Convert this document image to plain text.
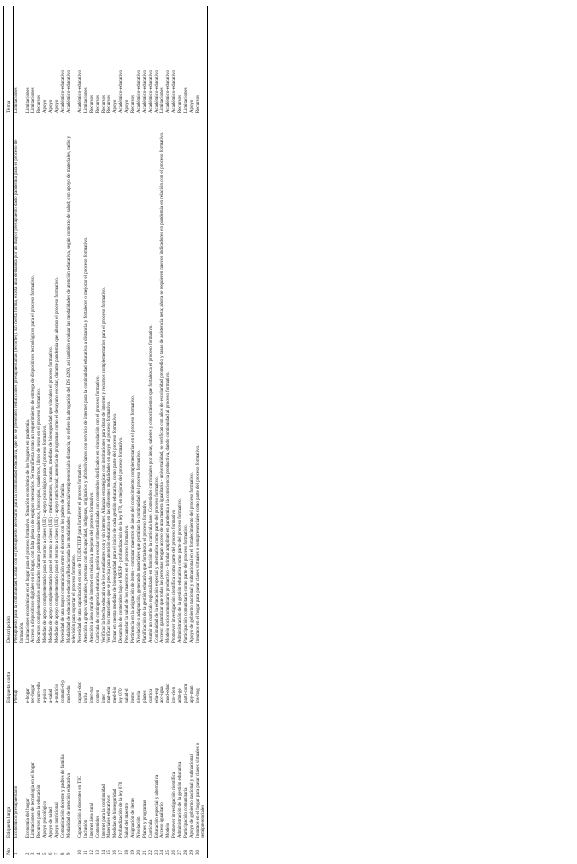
No	Etiqueta larga	Etiqueta corta	Descripción	Tema
1	Económico/presupuestario	Presup	Presupuesto para la continuidad/Contar con el presupuesto necesario para la continuidad educativa, que no se presenten reducciones presupuestarias (recortes). En cierta forma, exista una demanda por un mayor presupuesto dado pandemia para el proceso de formación.	Limitaciones
2	Economía del hogar	e-hogar	Limitaciones económicas en el hogar para el proceso formativo. Situación económica de los hogares en pandemia.	Limitaciones
3	Limitaciones de tecnología en el hogar	tec-hogar	Acceso a dispositivos digitales en el hogar, con falta plena o de equipos necesarios. Se manifiesta como un requerimiento de entrega de dispositivos tecnológicos para el proceso formativo.	Limitaciones
4	Recursos para la educación	recurs-edu	Recursos complementarios utilizados durante pandemia-cuadernos, fotocopias, cuadernos, libros de texto en el proceso formativo.	Recursos
5	Apoyo psicológico	a-psico	Medidas de apoyo complementario para el retorno a clases (UE) - apoyo psicológico para el proceso formativo.	Apoyo
6	Apoyo de salud	a-salud	Medidas de apoyo complementario para el retorno a clases (UE) - medicamentos, vacunas, medidas de bioseguridad que vinculen el proceso formativo.	Apoyo
7	Apoyo nutricional	a-nutricio	Medidas de apoyo complementario para el retorno a clases (UE) - apoyo nutricional; ausencia de programas como el desayuno escolar, durante pandemia que alteran el proceso formativo.	Apoyo
8	Comunicación docente y padres de familia	comuni-d-p	Necesidad de una mayor comunicación entre el docente con los padres de familia.	Académico-educativo
9	Modalidad de atención educativa	mod-edu	Modalidad de educación educativa/Relacionada las modalidades: presencial/semipresencial/a distancia, se refiere la abrogación del DS 4260, así también evaluar las modalidades de atención educativa, según contexto de salud; con apoyo de materiales, radio y televisión para soportar el proceso formativo.	Académico-educativo
10	Capacitación a docentes en TIC	capaci-doc	Necesidad de una capacitación en uso de TIC/DCTIEP para fortalecer el proceso formativo.	Académico-educativo
11	Inclusión	inclu	Atención a grupos vulnerables, personas con discapacidad, indígenas, originarios y afrobolivianos con servicio de internet para la continuidad educativa a distancia y fortalecer o mejorar el proceso formativo.	Limitaciones
12	Internet área rural	inter-rur	Atención a área rural de internet en relación a mejoras del proceso formativo.	Recursos
13	Contenidos	conten	Currícula de contingencia educativa, gestión escolar trimestralizada con contenidos dosificados en vinculación con el proceso formativo.	Recursos
14	Internet para la continuidad	inter	Verificar la brecha educativa de los estudiantes con y sin internet. Alianzas estratégicas con instituciones para dotar de internet y recursos complementarios para el proceso formativo.	Recursos
15	Materiales educativos	mat-edu	Verificar los materiales que se precisa para atención educativa en las diferentes modalidades en apoyo al proceso formativo.	Recursos
16	Medidas de bioseguridad	med-bio	Tomar en cuenta medidas de bioseguridad para el inicio de cada gestión educativa, como parte del proceso formativo.	Apoyo
17	Profundización de la ley 070	ley 070	Desarrollo de contenidos bajo el MESP - profundización de la ley 070, en mejoras del proceso formativo.	Académico-educativo
18	Salud del maestro	salud-d	Precautelar la salud de los maestros en el proceso formativo.	Apoyo
19	Asignación de ítems	ítems	Pertinencia en la asignación de ítems - contratar maestros de áreas del conocimiento complementarias en el proceso formativo.	Recursos
20	Nivelación	nivela	Nivelación o adaptación, generando materiales que permitan la continuidad del proceso formativo.	Académico-educativo
21	Planes y programas	planes	Planificación de la gestión educativa que fortalezca el proceso formativo.	Académico-educativo
22	Currícula	curricu	Asumir un currículo regionalizado en función de la currícula base. Contenidos curriculares por áreas, saberes y conocimientos que fortalezca el proceso formativo.	Académico-educativo
23	Educación especial y alternativa	edu-esp	Continuidad de la educación especial y alternativa como parte del proceso formativo.	Académico-educativo
24	Acceso igualitario	acc-igua	Acceso: garantizar que todas las personas tengan acceso de una manera igualitaria - universalidad, se verifican con años de escolaridad promedio y tasas de asistencia neta; ahora se requieren nuevos indicadores en pandemia en relación con el proceso formativo.	Limitaciones
25	Modelo	mod-educ	Modelo sociocomunitario productivo - brindar amplitud en pandemia a la consciencia productiva, dando continuidad al proceso formativo.	Académico-educativo
26	Promover investigación científica	inv-cien	Promover investigación científica como parte del proceso formativo	Académico-educativo
27	Administración de la gestión educativa	adm-ge	Administración de la gestión educativa como parte del proceso formativo.	Recursos
28	Participación comunitaria	parti-com	Participación comunitaria como parte del proceso formativo.	Limitaciones
29	Apoyo de gobierno nacional y subnacional	apy-mun	Apoyo de gobierno nacional y subnacional en el fortalecimiento del proceso formativo.	Apoyo
30	Insumos en el hogar para pasar clases virtuales o semipresenciales	ins-hog	Insumos en el hogar para pasar clases virtuales o semipresenciales como parte del proceso formativo.	Recursos
